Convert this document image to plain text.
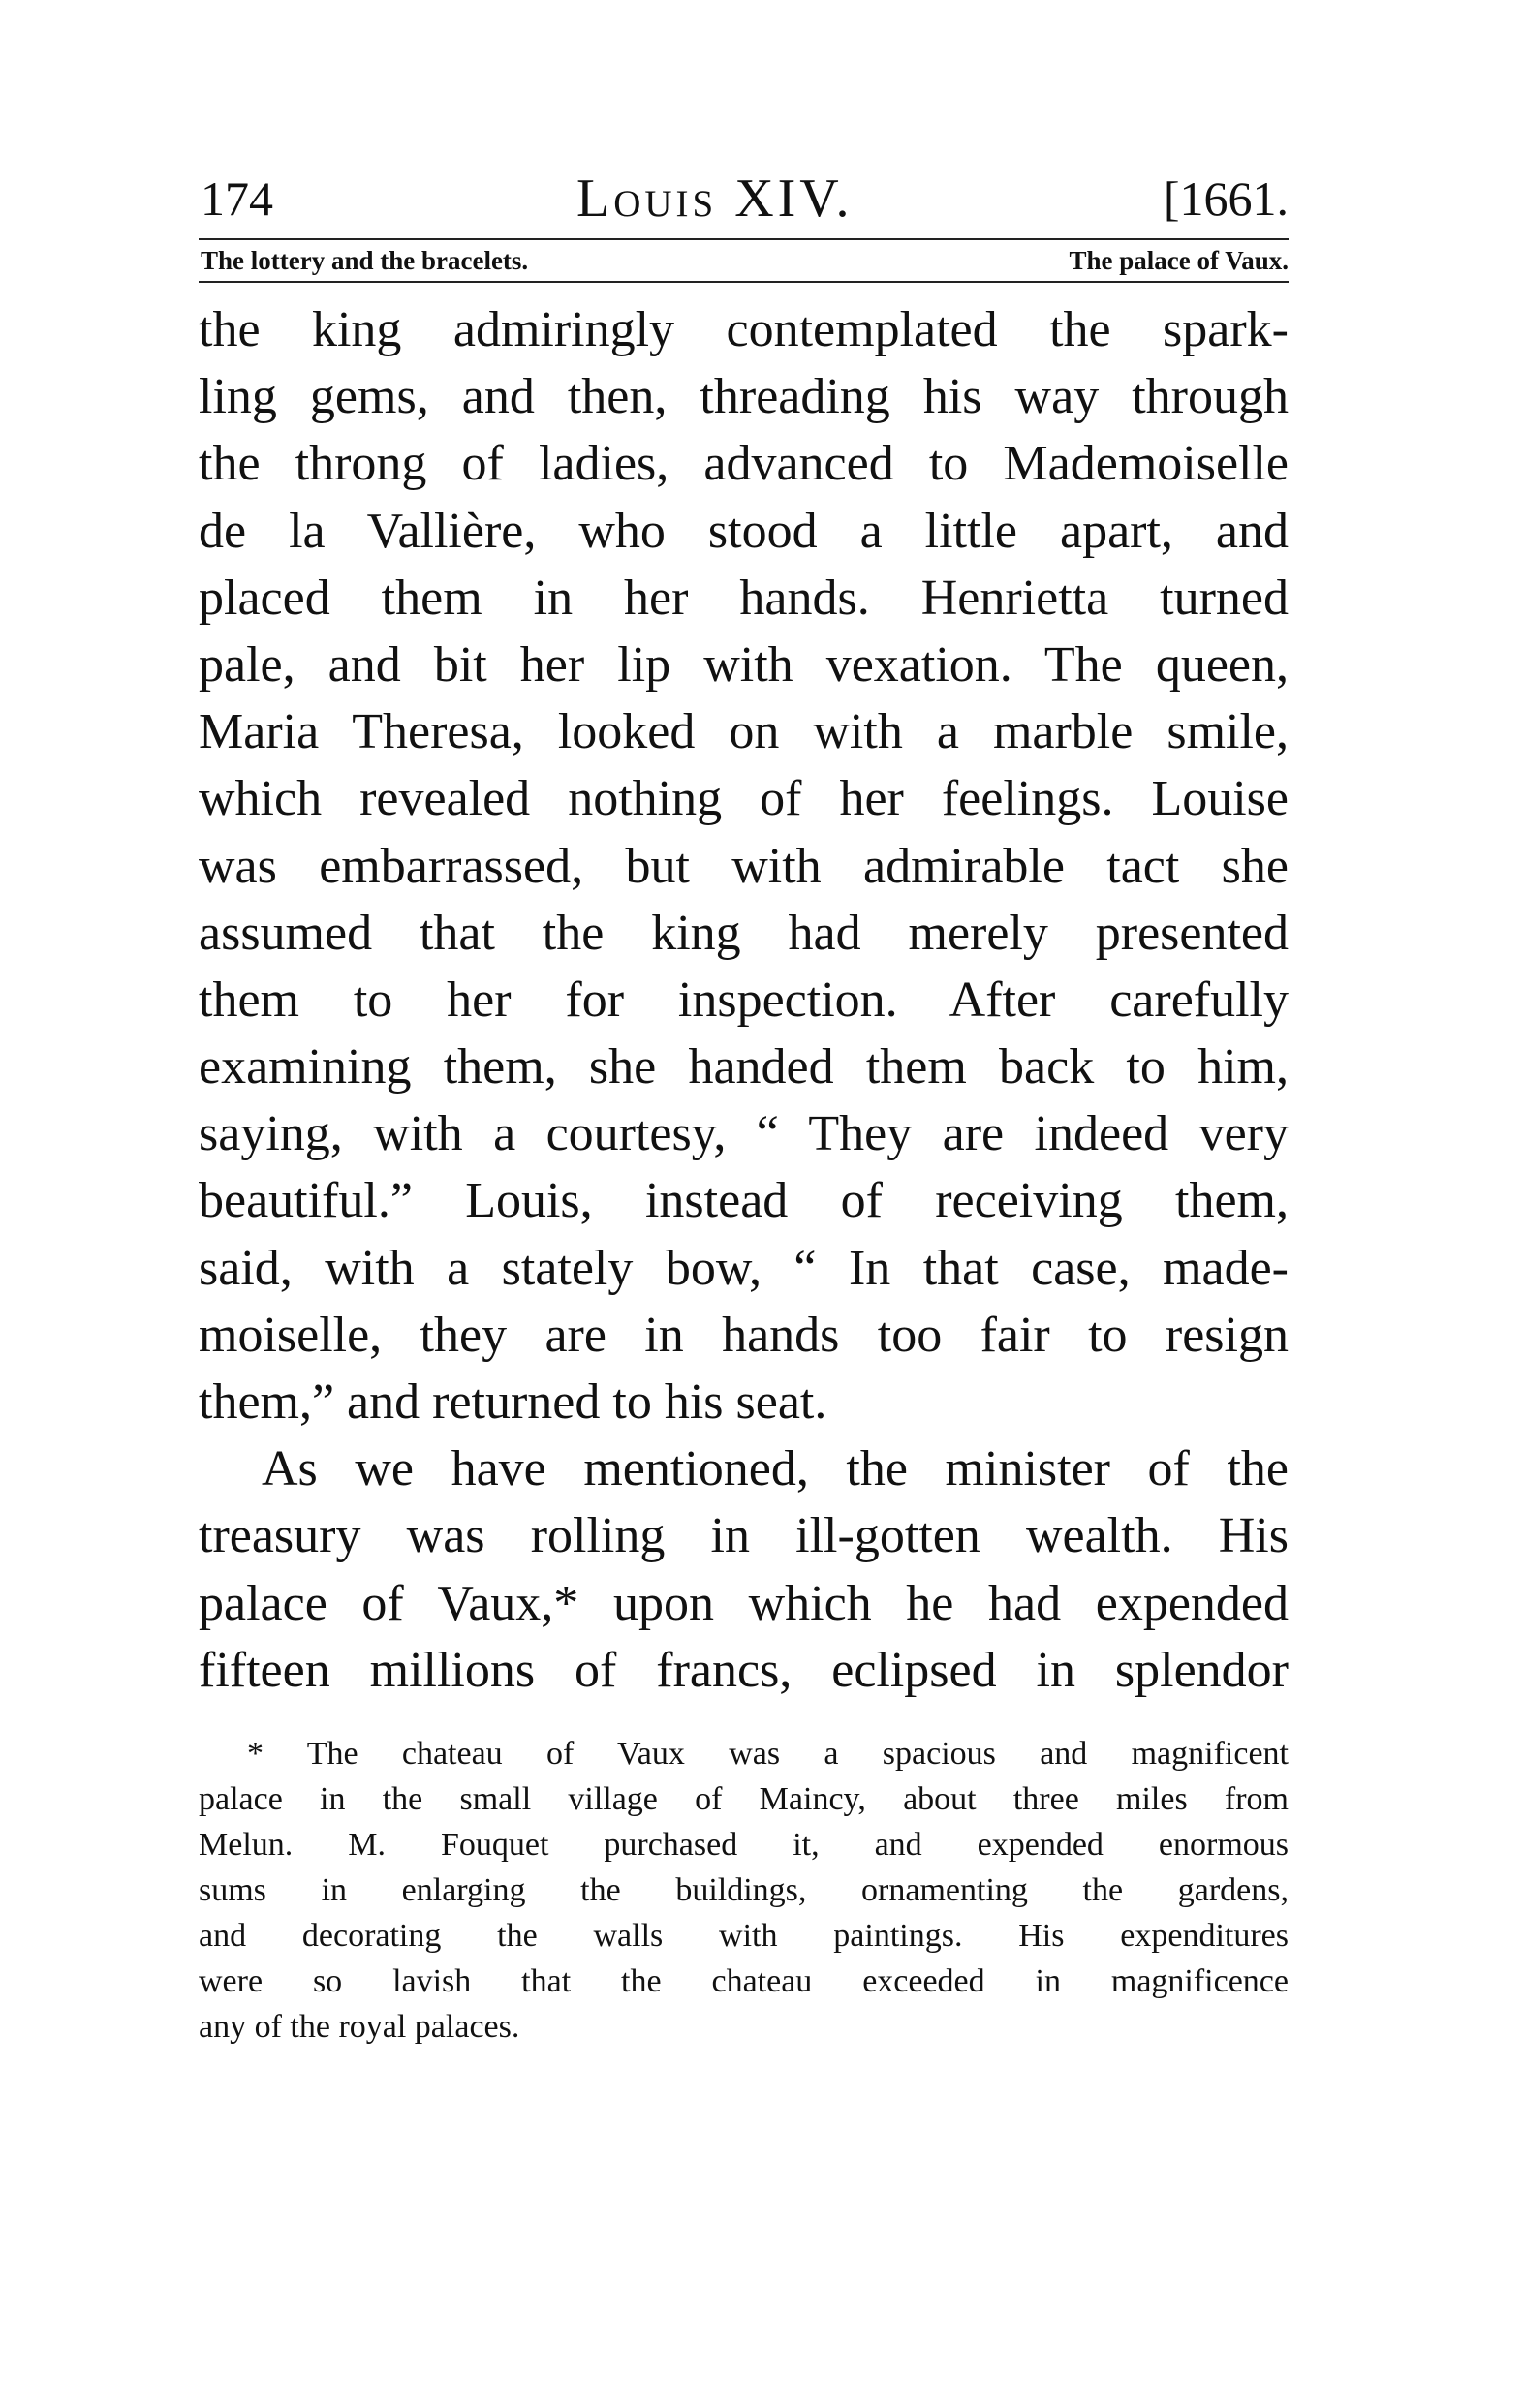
174	Louis XIV.	[1661.
The lottery and the bracelets.	The palace of Vaux.
the king admiringly contemplated the spark-
ling gems, and then, threading his way through
the throng of ladies, advanced to Mademoiselle
de la Vallière, who stood a little apart, and
placed them in her hands. Henrietta turned
pale, and bit her lip with vexation. The queen,
Maria Theresa, looked on with a marble smile,
which revealed nothing of her feelings. Louise
was embarrassed, but with admirable tact she
assumed that the king had merely presented
them to her for inspection. After carefully
examining them, she handed them back to him,
saying, with a courtesy, “ They are indeed very
beautiful.” Louis, instead of receiving them,
said, with a stately bow, “ In that case, made-
moiselle, they are in hands too fair to resign
them,” and returned to his seat.
As we have mentioned, the minister of the
treasury was rolling in ill-gotten wealth. His
palace of Vaux,* upon which he had expended
fifteen millions of francs, eclipsed in splendor
* The chateau of Vaux was a spacious and magnificent
palace in the small village of Maincy, about three miles from
Melun. M. Fouquet purchased it, and expended enormous
sums in enlarging the buildings, ornamenting the gardens,
and decorating the walls with paintings. His expenditures
were so lavish that the chateau exceeded in magnificence
any of the royal palaces.
